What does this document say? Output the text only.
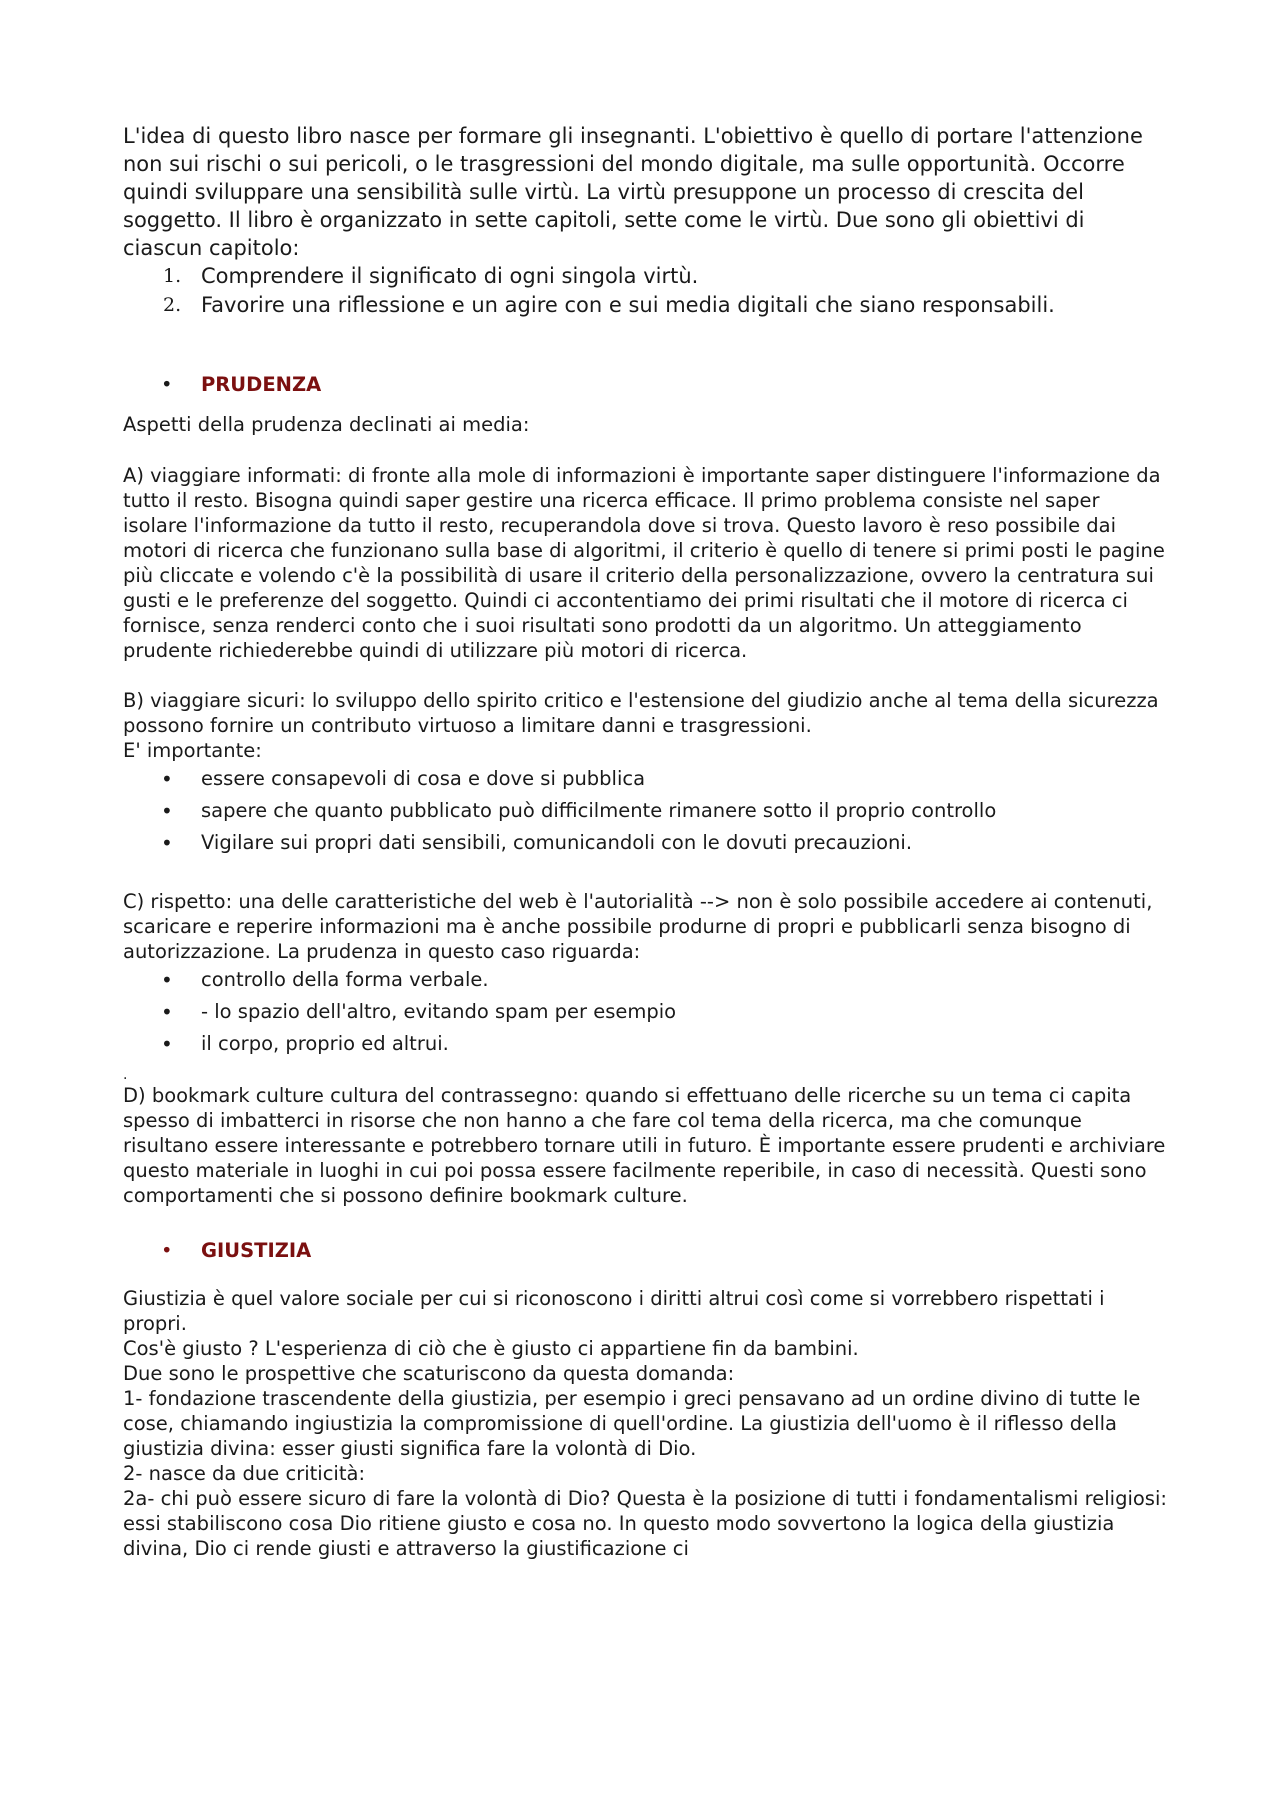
L'idea di questo libro nasce per formare gli insegnanti. L'obiettivo è quello di portare l'attenzione non sui rischi o sui pericoli, o le trasgressioni del mondo digitale, ma sulle opportunità. Occorre quindi sviluppare una sensibilità sulle virtù. La virtù presuppone un processo di crescita del soggetto. Il libro è organizzato in sette capitoli, sette come le virtù. Due sono gli obiettivi di ciascun capitolo:

1. Comprendere il significato di ogni singola virtù.
2. Favorire una riflessione e un agire con e sui media digitali che siano responsabili.
• PRUDENZA

Aspetti della prudenza declinati ai media:

A) viaggiare informati: di fronte alla mole di informazioni è importante saper distinguere l'informazione da tutto il resto. Bisogna quindi saper gestire una ricerca efficace. Il primo problema consiste nel saper isolare l'informazione da tutto il resto, recuperandola dove si trova. Questo lavoro è reso possibile dai motori di ricerca che funzionano sulla base di algoritmi, il criterio è quello di tenere si primi posti le pagine più cliccate e volendo c'è la possibilità di usare il criterio della personalizzazione, ovvero la centratura sui gusti e le preferenze del soggetto. Quindi ci accontentiamo dei primi risultati che il motore di ricerca ci fornisce, senza renderci conto che i suoi risultati sono prodotti da un algoritmo. Un atteggiamento prudente richiederebbe quindi di utilizzare più motori di ricerca.

B) viaggiare sicuri: lo sviluppo dello spirito critico e l'estensione del giudizio anche al tema della sicurezza possono fornire un contributo virtuoso a limitare danni e trasgressioni.

E' importante:

• essere consapevoli di cosa e dove si pubblica
• sapere che quanto pubblicato può difficilmente rimanere sotto il proprio controllo
• Vigilare sui propri dati sensibili, comunicandoli con le dovuti precauzioni.

C) rispetto: una delle caratteristiche del web è l'autorialità --> non è solo possibile accedere ai contenuti, scaricare e reperire informazioni ma è anche possibile produrne di propri e pubblicarli senza bisogno di autorizzazione. La prudenza in questo caso riguarda:

• controllo della forma verbale.
• - lo spazio dell'altro, evitando spam per esempio
• il corpo, proprio ed altrui.

.

D) bookmark culture cultura del contrassegno: quando si effettuano delle ricerche su un tema ci capita spesso di imbatterci in risorse che non hanno a che fare col tema della ricerca, ma che comunque risultano essere interessante e potrebbero tornare utili in futuro. È importante essere prudenti e archiviare questo materiale in luoghi in cui poi possa essere facilmente reperibile, in caso di necessità. Questi sono comportamenti che si possono definire bookmark culture.

• GIUSTIZIA

Giustizia è quel valore sociale per cui si riconoscono i diritti altrui così come si vorrebbero rispettati i propri.

Cos'è giusto ? L'esperienza di ciò che è giusto ci appartiene fin da bambini.

Due sono le prospettive che scaturiscono da questa domanda:

1- fondazione trascendente della giustizia, per esempio i greci pensavano ad un ordine divino di tutte le cose, chiamando ingiustizia la compromissione di quell'ordine. La giustizia dell'uomo è il riflesso della giustizia divina: esser giusti significa fare la volontà di Dio.

2- nasce da due criticità:

2a- chi può essere sicuro di fare la volontà di Dio? Questa è la posizione di tutti i fondamentalismi religiosi: essi stabiliscono cosa Dio ritiene giusto e cosa no. In questo modo sovvertono la logica della giustizia divina, Dio ci rende giusti e attraverso la giustificazione ci
